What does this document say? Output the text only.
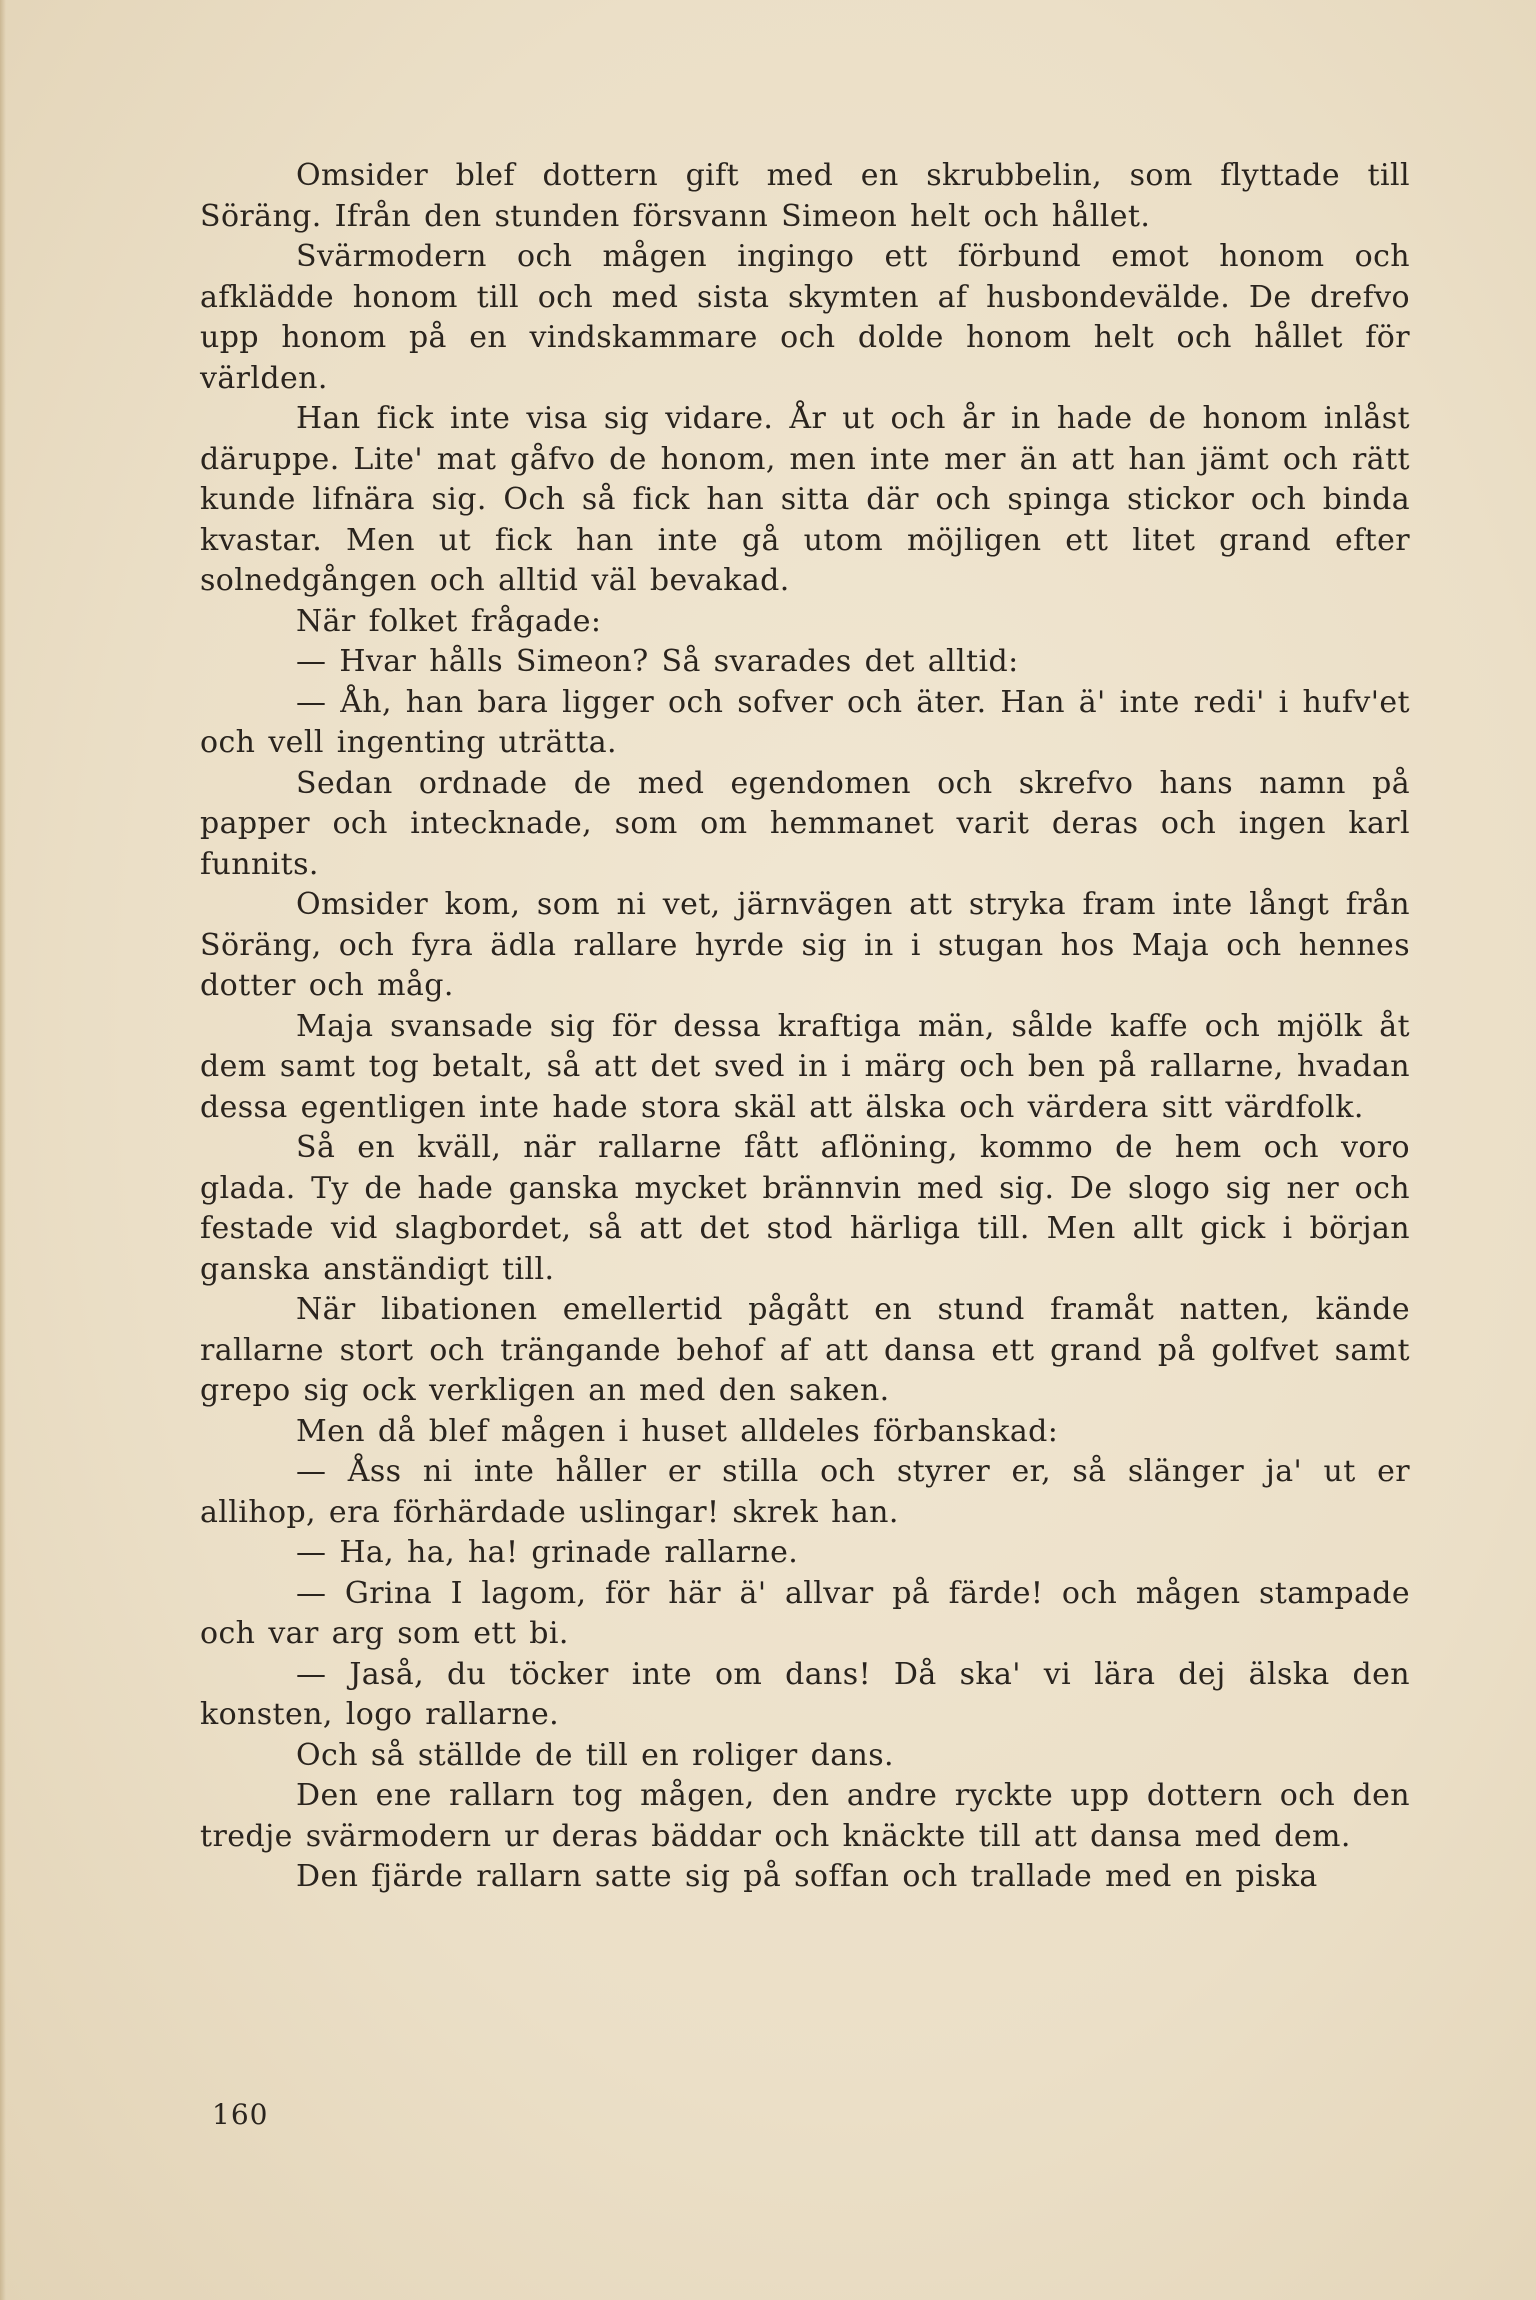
Omsider blef dottern gift med en skrubbelin, som flyttade till Söräng. Ifrån den stunden försvann Simeon helt och hållet.

Svärmodern och mågen ingingo ett förbund emot honom och afklädde honom till och med sista skymten af husbondevälde. De drefvo upp honom på en vindskammare och dolde honom helt och hållet för världen.

Han fick inte visa sig vidare. År ut och år in hade de honom inlåst däruppe. Lite' mat gåfvo de honom, men inte mer än att han jämt och rätt kunde lifnära sig. Och så fick han sitta där och spinga stickor och binda kvastar. Men ut fick han inte gå utom möjligen ett litet grand efter solnedgången och alltid väl bevakad.

När folket frågade:

— Hvar hålls Simeon? Så svarades det alltid:

— Åh, han bara ligger och sofver och äter. Han ä' inte redi' i hufv'et och vell ingenting uträtta.

Sedan ordnade de med egendomen och skrefvo hans namn på papper och intecknade, som om hemmanet varit deras och ingen karl funnits.

Omsider kom, som ni vet, järnvägen att stryka fram inte långt från Söräng, och fyra ädla rallare hyrde sig in i stugan hos Maja och hennes dotter och måg.

Maja svansade sig för dessa kraftiga män, sålde kaffe och mjölk åt dem samt tog betalt, så att det sved in i märg och ben på rallarne, hvadan dessa egentligen inte hade stora skäl att älska och värdera sitt värdfolk.

Så en kväll, när rallarne fått aflöning, kommo de hem och voro glada. Ty de hade ganska mycket brännvin med sig. De slogo sig ner och festade vid slagbordet, så att det stod härliga till. Men allt gick i början ganska anständigt till.

När libationen emellertid pågått en stund framåt natten, kände rallarne stort och trängande behof af att dansa ett grand på golfvet samt grepo sig ock verkligen an med den saken.

Men då blef mågen i huset alldeles förbanskad:

— Åss ni inte håller er stilla och styrer er, så slänger ja' ut er allihop, era förhärdade uslingar! skrek han.

— Ha, ha, ha! grinade rallarne.

— Grina I lagom, för här ä' allvar på färde! och mågen stampade och var arg som ett bi.

— Jaså, du töcker inte om dans! Då ska' vi lära dej älska den konsten, logo rallarne.

Och så ställde de till en roliger dans.

Den ene rallarn tog mågen, den andre ryckte upp dottern och den tredje svärmodern ur deras bäddar och knäckte till att dansa med dem.

Den fjärde rallarn satte sig på soffan och trallade med en piska

160
